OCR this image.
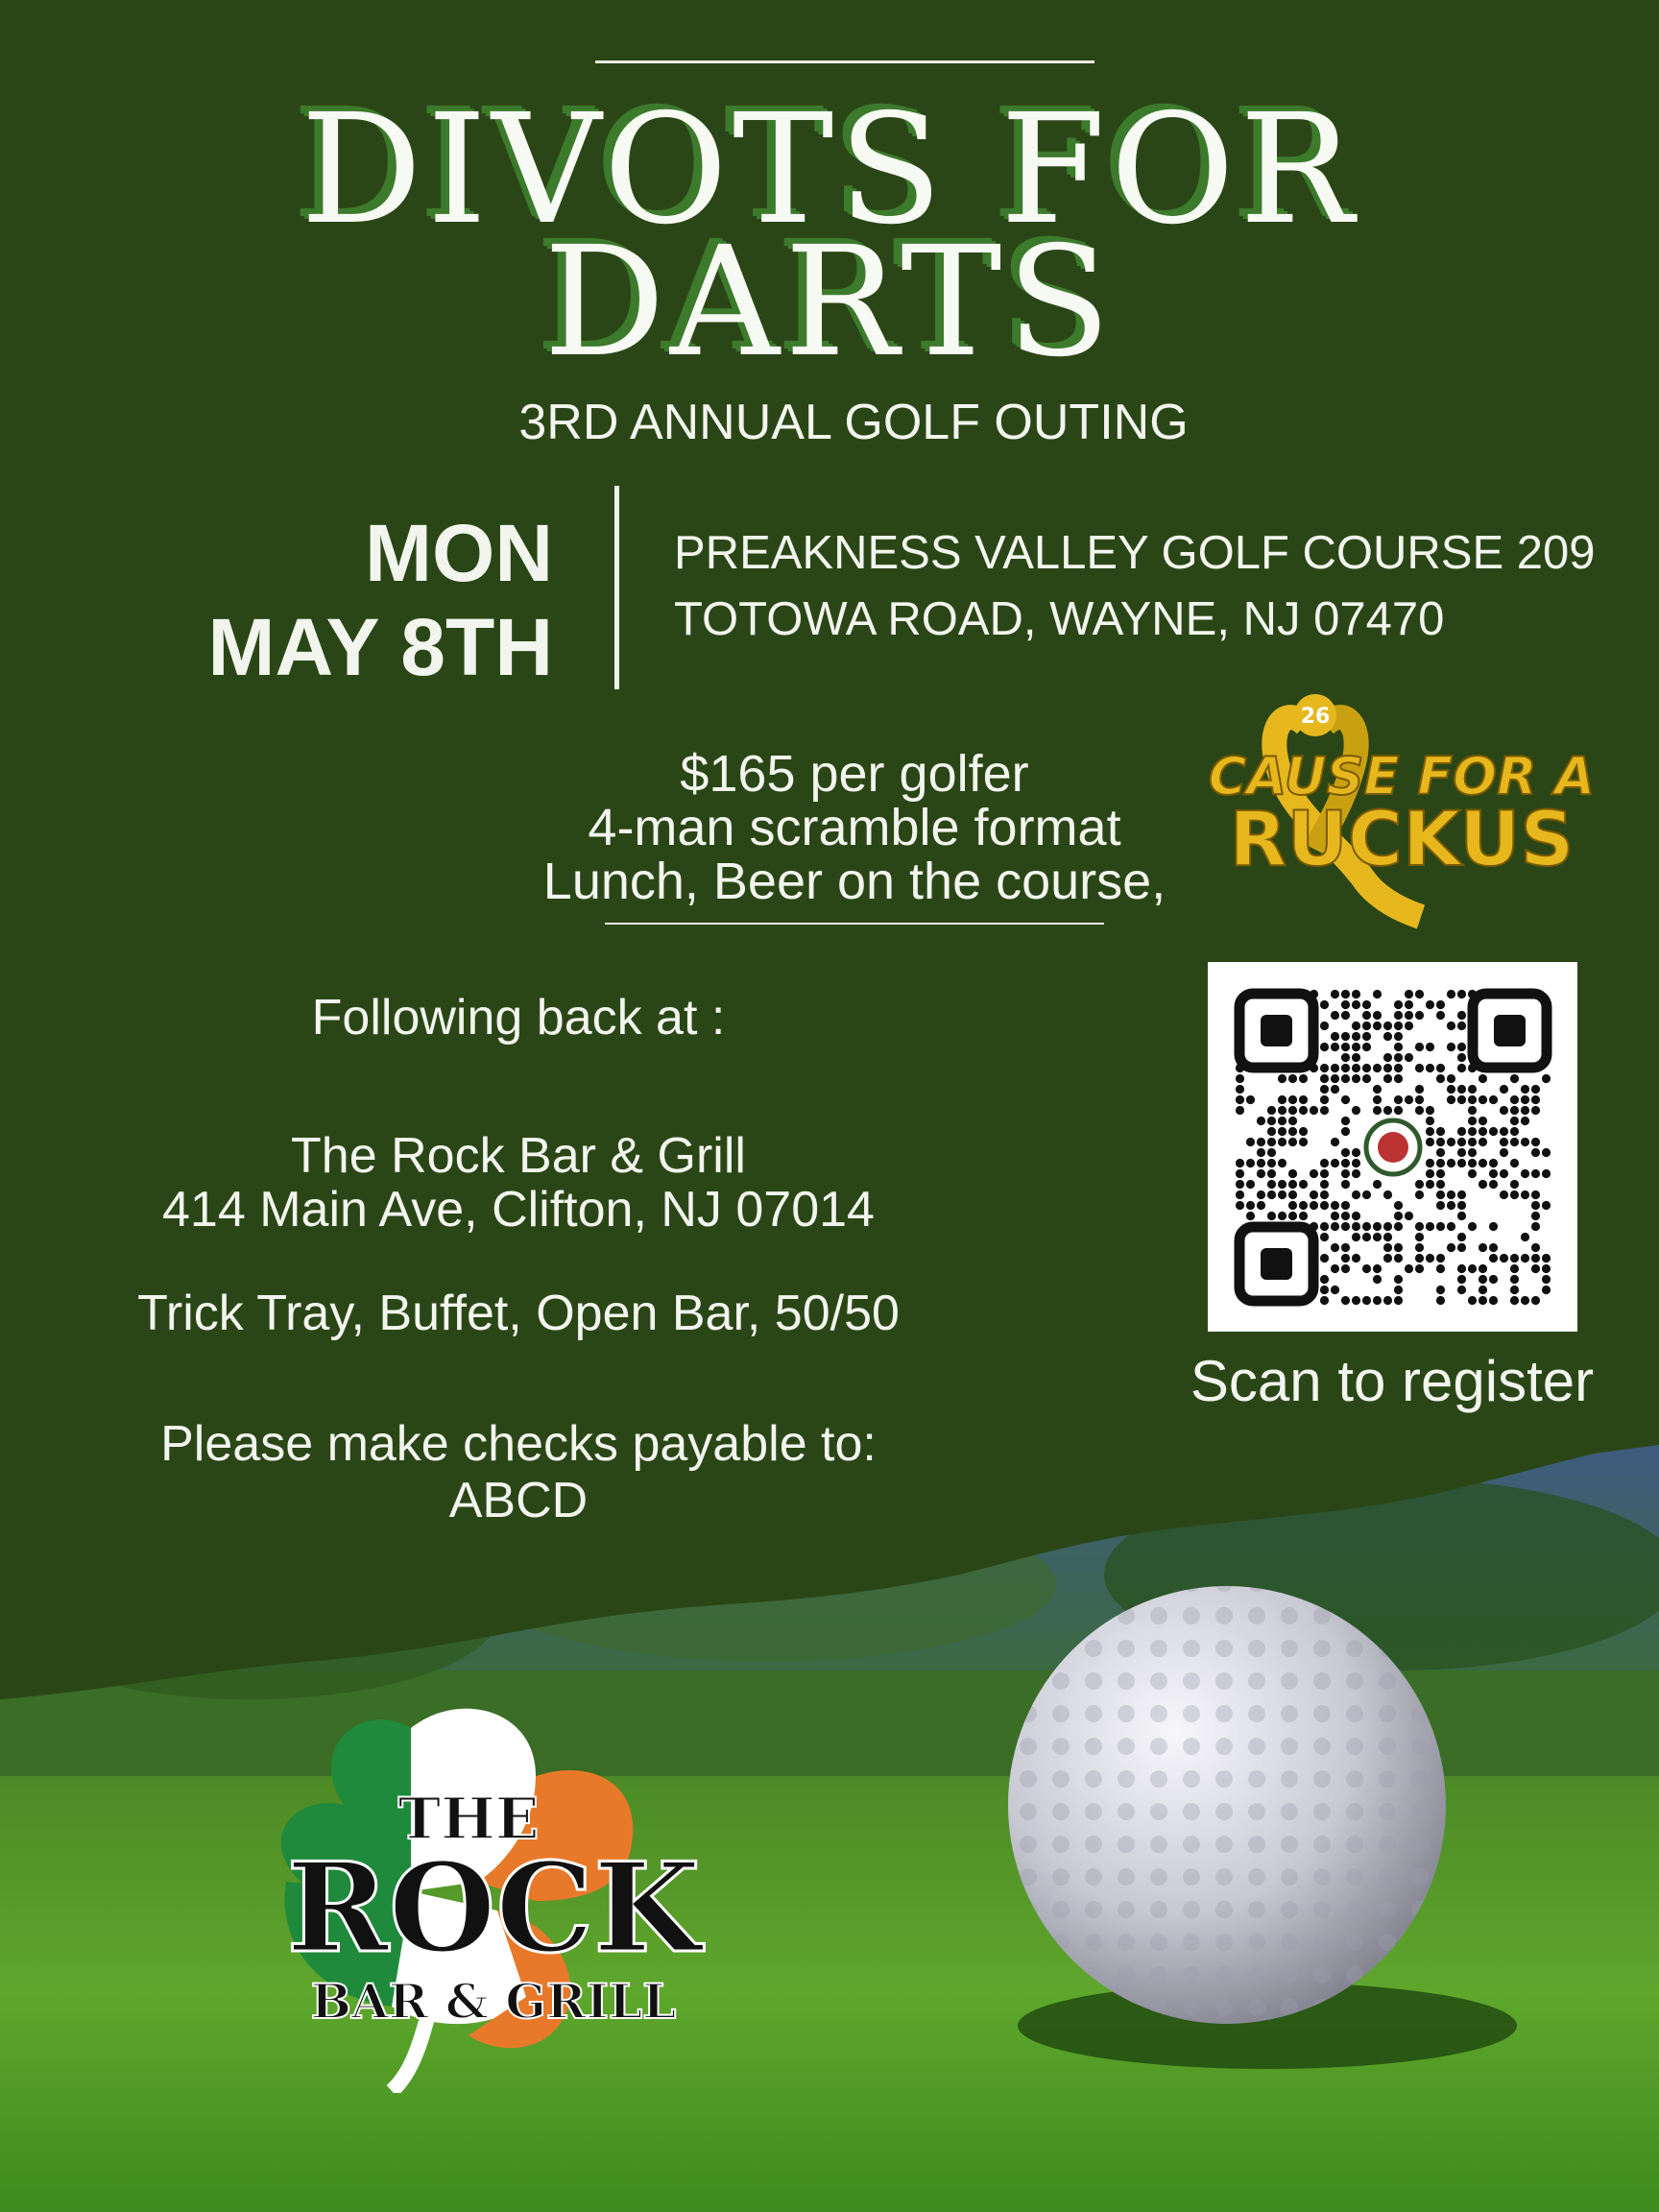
DIVOTS FOR
DARTS
3RD ANNUAL GOLF OUTING
MON
MAY 8TH
PREAKNESS VALLEY GOLF COURSE 209
TOTOWA ROAD, WAYNE, NJ 07470
$165 per golfer
4-man scramble format
Lunch, Beer on the course,
Following back at :
The Rock Bar & Grill
414 Main Ave, Clifton, NJ 07014
Trick Tray, Buffet, Open Bar, 50/50
Please make checks payable to:
ABCD
26
CAUSE FOR A
RUCKUS
Scan to register
THE
ROCK
BAR & GRILL
